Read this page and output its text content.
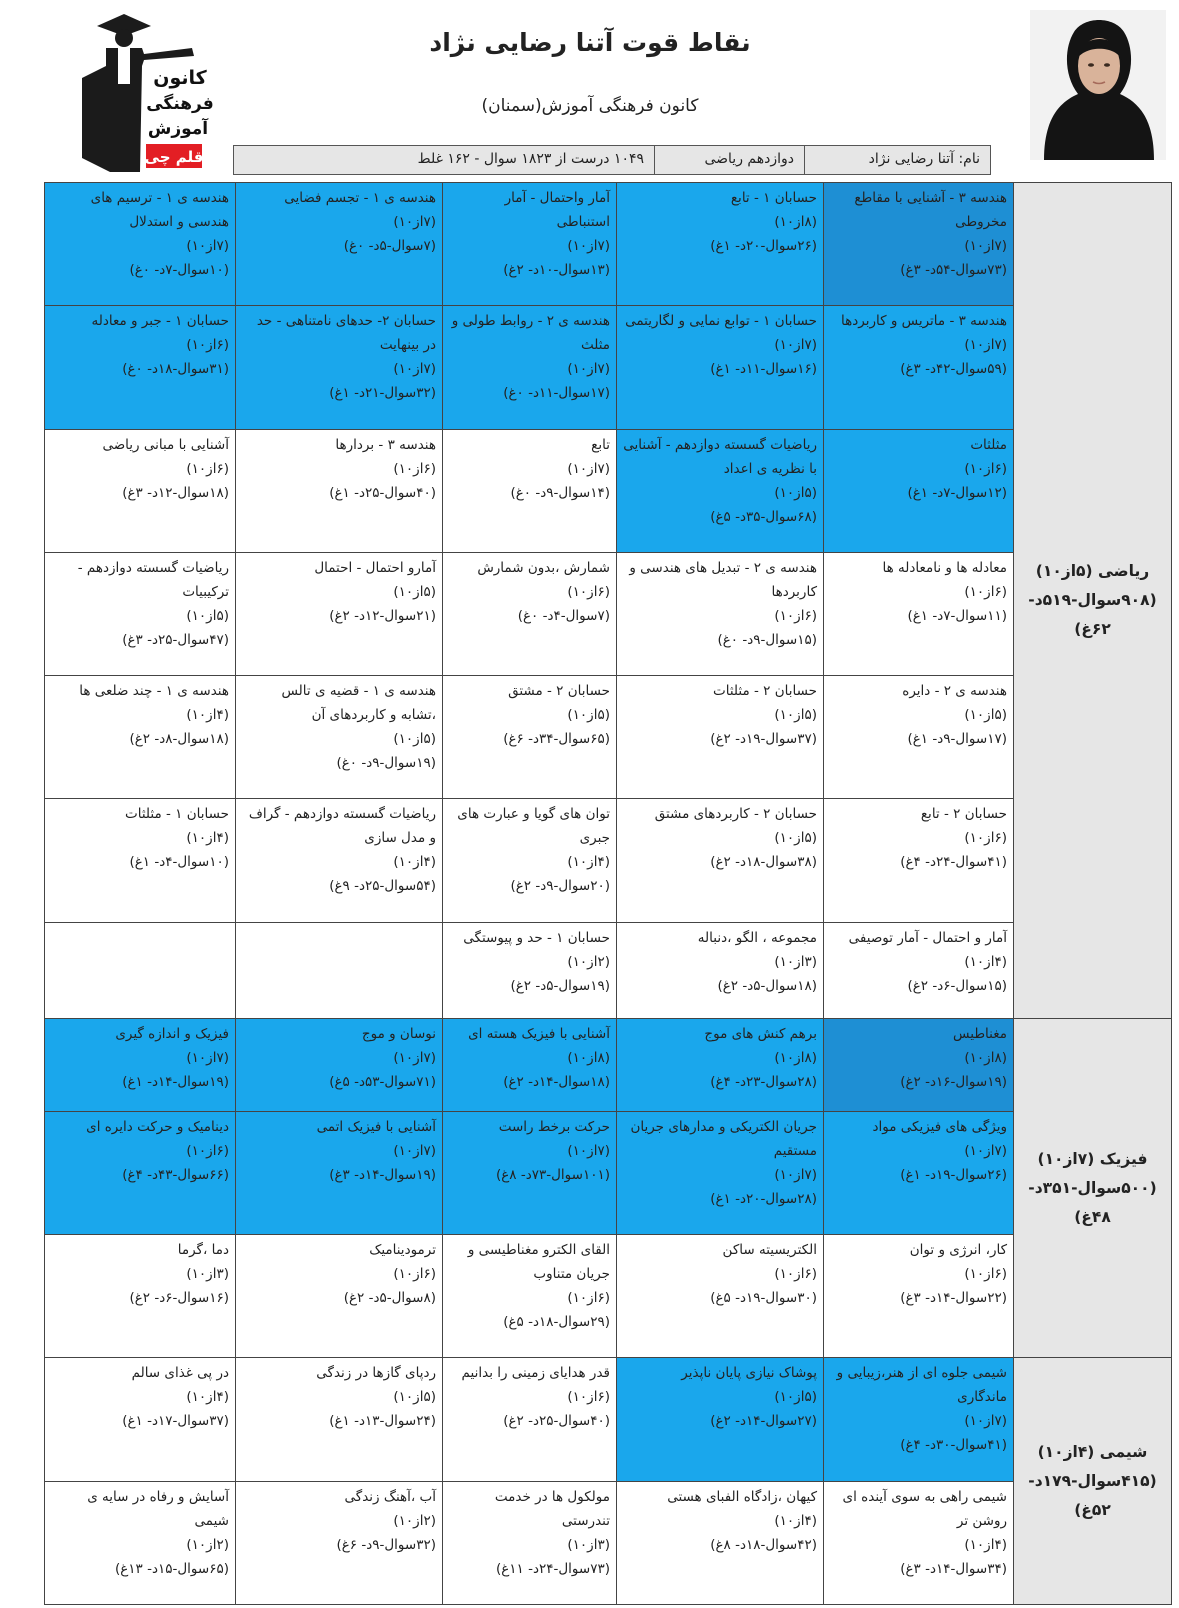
کانون
فرهنگی
آموزش
قلم چی
نقاط قوت آتنا رضایی نژاد
کانون فرهنگی آموزش(سمنان)
نام: آتنا رضایی نژاد
دوازدهم ریاضی
۱۰۴۹ درست از ۱۸۲۳ سوال - ۱۶۲ غلط
ریاضی (۵از۱۰)
(۹۰۸سوال-۵۱۹د-
۶۲غ)	هندسه ۳ - آشنایی با مقاطع مخروطی
(۷از۱۰)
(۷۳سوال-۵۴د- ۳غ)	حسابان ۱ - تابع
(۸از۱۰)
(۲۶سوال-۲۰د- ۱غ)	آمار واحتمال - آمار استنباطی
(۷از۱۰)
(۱۳سوال-۱۰د- ۲غ)	هندسه ی ۱ - تجسم فضایی
(۷از۱۰)
(۷سوال-۵د- ۰غ)	هندسه ی ۱ - ترسیم های هندسی و استدلال
(۷از۱۰)
(۱۰سوال-۷د- ۰غ)

	هندسه ۳ - ماتریس و کاربردها
(۷از۱۰)
(۵۹سوال-۴۲د- ۳غ)	حسابان ۱ - توابع نمایی و لگاریتمی
(۷از۱۰)
(۱۶سوال-۱۱د- ۱غ)	هندسه ی ۲ - روابط طولی و مثلث
(۷از۱۰)
(۱۷سوال-۱۱د- ۰غ)	حسابان ۲- حدهای نامتناهی - حد در بینهایت
(۷از۱۰)
(۳۲سوال-۲۱د- ۱غ)	حسابان ۱ - جبر و معادله
(۶از۱۰)
(۳۱سوال-۱۸د- ۰غ)

	مثلثات
(۶از۱۰)
(۱۲سوال-۷د- ۱غ)	ریاضیات گسسته دوازدهم - آشنایی با نظریه ی اعداد
(۵از۱۰)
(۶۸سوال-۳۵د- ۵غ)	تابع
(۷از۱۰)
(۱۴سوال-۹د- ۰غ)	هندسه ۳ - بردارها
(۶از۱۰)
(۴۰سوال-۲۵د- ۱غ)	آشنایی با مبانی ریاضی
(۶از۱۰)
(۱۸سوال-۱۲د- ۳غ)

	معادله ها و نامعادله ها
(۶از۱۰)
(۱۱سوال-۷د- ۱غ)	هندسه ی ۲ - تبدیل های هندسی و کاربردها
(۶از۱۰)
(۱۵سوال-۹د- ۰غ)	شمارش ،بدون شمارش
(۶از۱۰)
(۷سوال-۴د- ۰غ)	آمارو احتمال - احتمال
(۵از۱۰)
(۲۱سوال-۱۲د- ۲غ)	ریاضیات گسسته دوازدهم - ترکیبیات
(۵از۱۰)
(۴۷سوال-۲۵د- ۳غ)

	هندسه ی ۲ - دایره
(۵از۱۰)
(۱۷سوال-۹د- ۱غ)	حسابان ۲ - مثلثات
(۵از۱۰)
(۳۷سوال-۱۹د- ۲غ)	حسابان ۲ - مشتق
(۵از۱۰)
(۶۵سوال-۳۴د- ۶غ)	هندسه ی ۱ - قضیه ی تالس ،تشابه و کاربردهای آن
(۵از۱۰)
(۱۹سوال-۹د- ۰غ)	هندسه ی ۱ - چند ضلعی ها
(۴از۱۰)
(۱۸سوال-۸د- ۲غ)

	حسابان ۲ - تابع
(۶از۱۰)
(۴۱سوال-۲۴د- ۴غ)	حسابان ۲ - کاربردهای مشتق
(۵از۱۰)
(۳۸سوال-۱۸د- ۲غ)	توان های گویا و عبارت های جبری
(۴از۱۰)
(۲۰سوال-۹د- ۲غ)	ریاضیات گسسته دوازدهم - گراف و مدل سازی
(۴از۱۰)
(۵۴سوال-۲۵د- ۹غ)	حسابان ۱ - مثلثات
(۴از۱۰)
(۱۰سوال-۴د- ۱غ)

	آمار و احتمال - آمار توصیفی
(۴از۱۰)
(۱۵سوال-۶د- ۲غ)	مجموعه ، الگو ،دنباله
(۳از۱۰)
(۱۸سوال-۵د- ۲غ)	حسابان ۱ - حد و پیوستگی
(۲از۱۰)
(۱۹سوال-۵د- ۲غ)		

فیزیک (۷از۱۰)
(۵۰۰سوال-۳۵۱د-
۴۸غ)	مغناطیس
(۸از۱۰)
(۱۹سوال-۱۶د- ۲غ)	برهم کنش های موج
(۸از۱۰)
(۲۸سوال-۲۳د- ۴غ)	آشنایی با فیزیک هسته ای
(۸از۱۰)
(۱۸سوال-۱۴د- ۲غ)	نوسان و موج
(۷از۱۰)
(۷۱سوال-۵۳د- ۵غ)	فیزیک و اندازه گیری
(۷از۱۰)
(۱۹سوال-۱۴د- ۱غ)

	ویژگی های فیزیکی مواد
(۷از۱۰)
(۲۶سوال-۱۹د- ۱غ)	جریان الکتریکی و مدارهای جریان مستقیم
(۷از۱۰)
(۲۸سوال-۲۰د- ۱غ)	حرکت برخط راست
(۷از۱۰)
(۱۰۱سوال-۷۳د- ۸غ)	آشنایی با فیزیک اتمی
(۷از۱۰)
(۱۹سوال-۱۴د- ۳غ)	دینامیک و حرکت دایره ای
(۶از۱۰)
(۶۶سوال-۴۳د- ۴غ)

	کار، انرژی و توان
(۶از۱۰)
(۲۲سوال-۱۴د- ۳غ)	الکتریسیته ساکن
(۶از۱۰)
(۳۰سوال-۱۹د- ۵غ)	القای الکترو مغناطیسی و جریان متناوب
(۶از۱۰)
(۲۹سوال-۱۸د- ۵غ)	ترمودینامیک
(۶از۱۰)
(۸سوال-۵د- ۲غ)	دما ،گرما
(۳از۱۰)
(۱۶سوال-۶د- ۲غ)

شیمی (۴از۱۰)
(۴۱۵سوال-۱۷۹د-
۵۲غ)	شیمی جلوه ای از هنر،زیبایی و ماندگاری
(۷از۱۰)
(۴۱سوال-۳۰د- ۴غ)	پوشاک نیازی پایان ناپذیر
(۵از۱۰)
(۲۷سوال-۱۴د- ۲غ)	قدر هدایای زمینی را بدانیم
(۶از۱۰)
(۴۰سوال-۲۵د- ۲غ)	ردپای گازها در زندگی
(۵از۱۰)
(۲۴سوال-۱۳د- ۱غ)	در پی غذای سالم
(۴از۱۰)
(۳۷سوال-۱۷د- ۱غ)

	شیمی راهی به سوی آینده ای روشن تر
(۴از۱۰)
(۳۴سوال-۱۴د- ۳غ)	کیهان ،زادگاه الفبای هستی
(۴از۱۰)
(۴۲سوال-۱۸د- ۸غ)	مولکول ها در خدمت تندرستی
(۳از۱۰)
(۷۳سوال-۲۴د- ۱۱غ)	آب ،آهنگ زندگی
(۲از۱۰)
(۳۲سوال-۹د- ۶غ)	آسایش و رفاه در سایه ی شیمی
(۲از۱۰)
(۶۵سوال-۱۵د- ۱۳غ)
